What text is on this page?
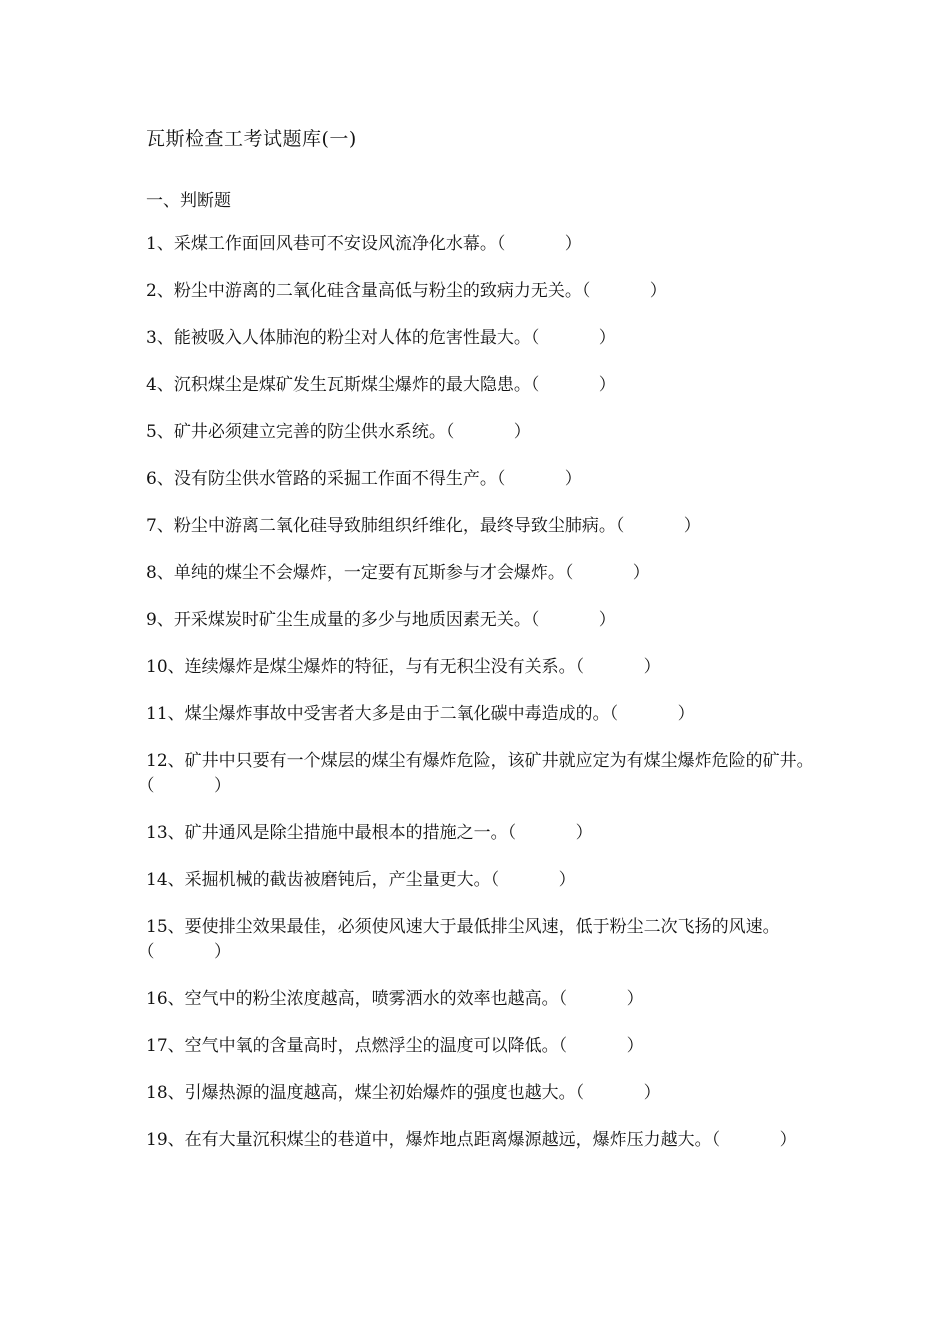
瓦斯检查工考试题库(一)
一、判断题
1、采煤工作面回风巷可不安设风流净化水幕。（           ）
2、粉尘中游离的二氧化硅含量高低与粉尘的致病力无关。（           ）
3、能被吸入人体肺泡的粉尘对人体的危害性最大。（           ）
4、沉积煤尘是煤矿发生瓦斯煤尘爆炸的最大隐患。（           ）
5、矿井必须建立完善的防尘供水系统。（           ）
6、没有防尘供水管路的采掘工作面不得生产。（           ）
7、粉尘中游离二氧化硅导致肺组织纤维化，最终导致尘肺病。（           ）
8、单纯的煤尘不会爆炸，一定要有瓦斯参与才会爆炸。（           ）
9、开采煤炭时矿尘生成量的多少与地质因素无关。（           ）
10、连续爆炸是煤尘爆炸的特征，与有无积尘没有关系。（           ）
11、煤尘爆炸事故中受害者大多是由于二氧化碳中毒造成的。（           ）
12、矿井中只要有一个煤层的煤尘有爆炸危险，该矿井就应定为有煤尘爆炸危险的矿井。（           ）
13、矿井通风是除尘措施中最根本的措施之一。（           ）
14、采掘机械的截齿被磨钝后，产尘量更大。（           ）
15、要使排尘效果最佳，必须使风速大于最低排尘风速，低于粉尘二次飞扬的风速。（           ）
16、空气中的粉尘浓度越高，喷雾洒水的效率也越高。（           ）
17、空气中氧的含量高时，点燃浮尘的温度可以降低。（           ）
18、引爆热源的温度越高，煤尘初始爆炸的强度也越大。（           ）
19、在有大量沉积煤尘的巷道中，爆炸地点距离爆源越远，爆炸压力越大。（           ）
